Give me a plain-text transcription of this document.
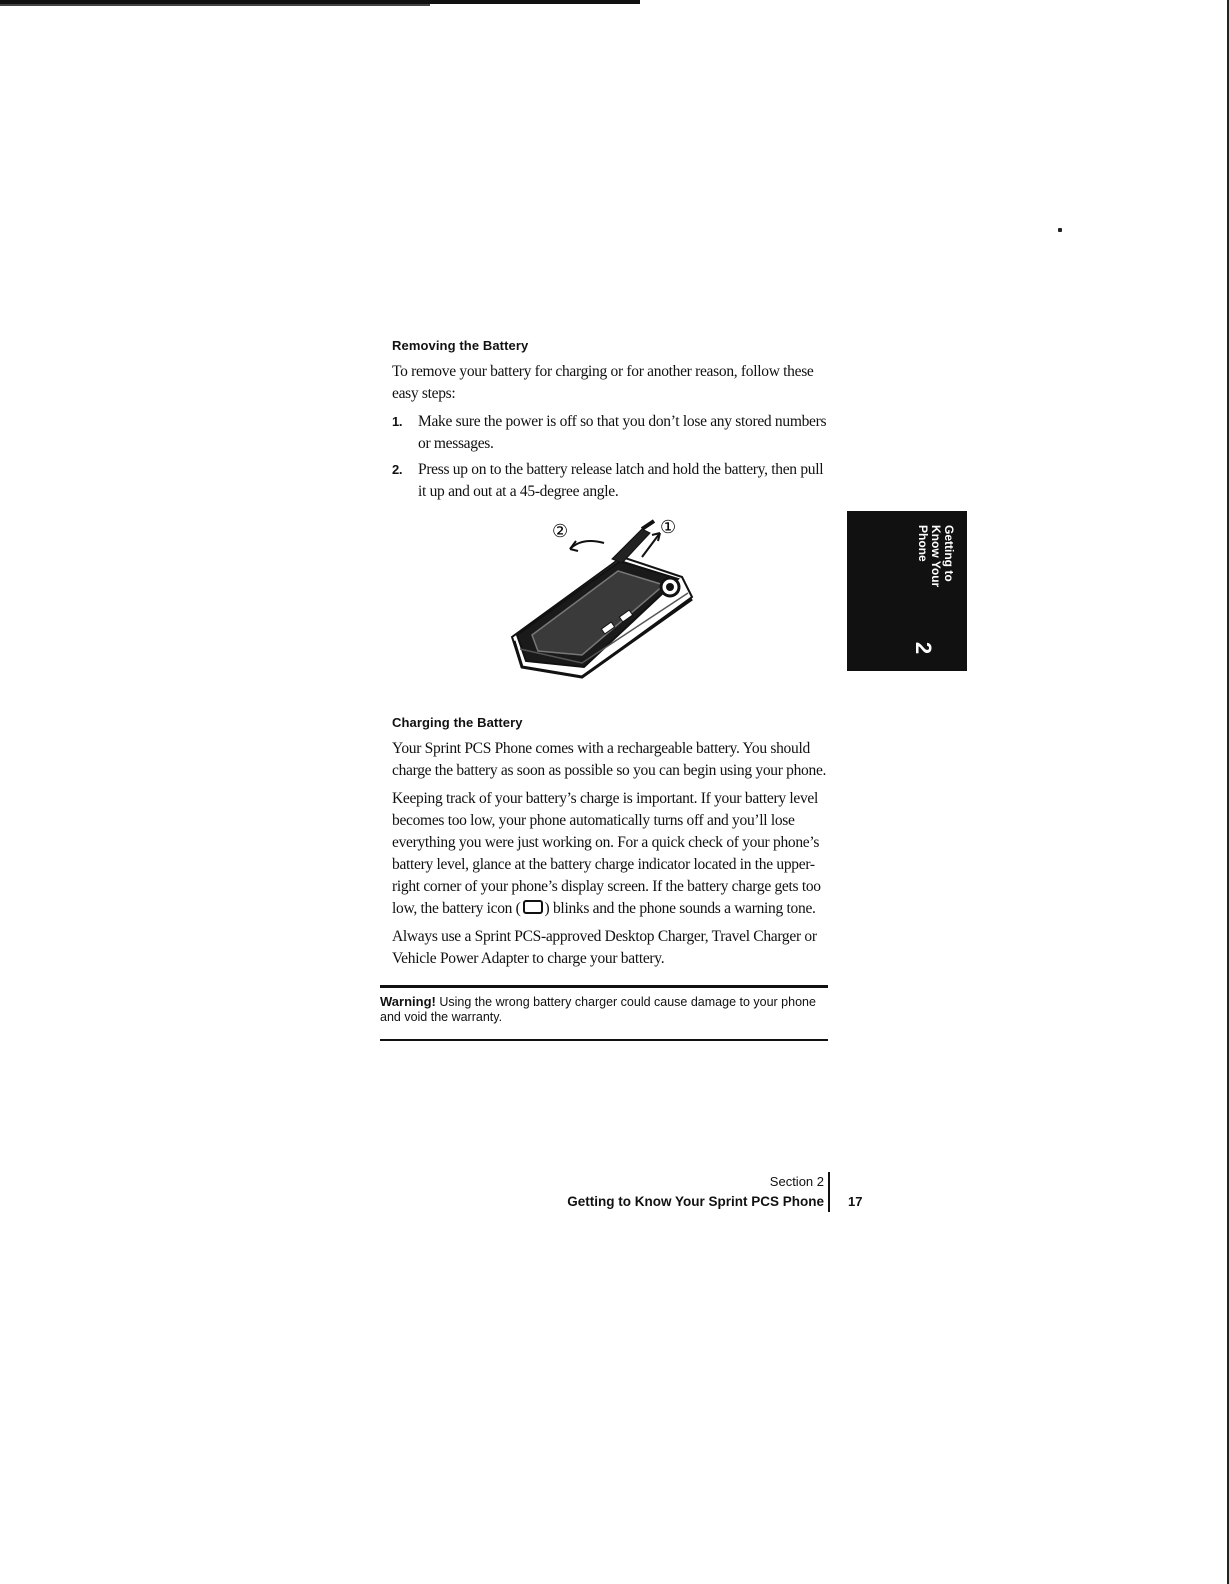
Removing the Battery

To remove your battery for charging or for another reason, follow these easy steps:

1. Make sure the power is off so that you don’t lose any stored numbers or messages.
2. Press up on to the battery release latch and hold the battery, then pull it up and out at a 45-degree angle.
②	①
Charging the Battery

Your Sprint PCS Phone comes with a rechargeable battery. You should charge the battery as soon as possible so you can begin using your phone.

Keeping track of your battery’s charge is important. If your battery level becomes too low, your phone automatically turns off and you’ll lose everything you were just working on. For a quick check of your phone’s battery level, glance at the battery charge indicator located in the upper-right corner of your phone’s display screen. If the battery charge gets too low, the battery icon ( ) blinks and the phone sounds a warning tone.

Always use a Sprint PCS-approved Desktop Charger, Travel Charger or Vehicle Power Adapter to charge your battery.

Warning! Using the wrong battery charger could cause damage to your phone and void the warranty.
Getting to Know Your Phone
2
Section 2
Getting to Know Your Sprint PCS Phone 17
